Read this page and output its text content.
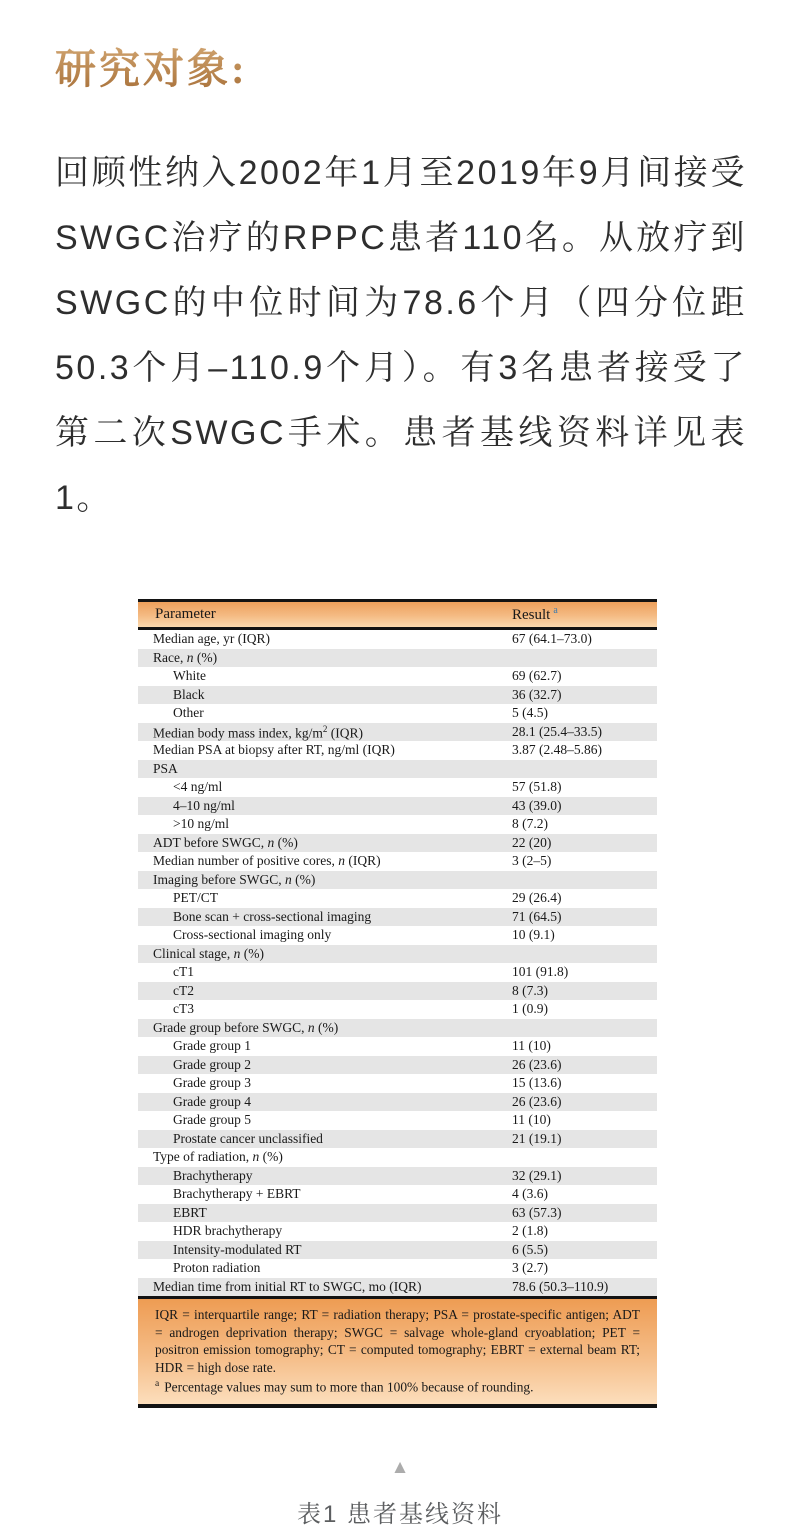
研究对象:

回顾性纳入2002年1月至2019年9月间接受SWGC治疗的RPPC患者110名。从放疗到SWGC的中位时间为78.6个月（四分位距50.3个月–110.9个月）。有3名患者接受了第二次SWGC手术。患者基线资料详见表1。

Parameter	Result $^a$
Median age, yr (IQR)	67 (64.1–73.0)
Race, n (%)
White	69 (62.7)
Black	36 (32.7)
Other	5 (4.5)
Median body mass index, $kg/m^2$ (IQR)	28.1 (25.4–33.5)
Median PSA at biopsy after RT, ng/ml (IQR)	3.87 (2.48–5.86)
PSA
<4 ng/ml	57 (51.8)
4–10 ng/ml	43 (39.0)
>10 ng/ml	8 (7.2)
ADT before SWGC, n (%)	22 (20)
Median number of positive cores, n (IQR)	3 (2–5)
Imaging before SWGC, n (%)
PET/CT	29 (26.4)
Bone scan + cross-sectional imaging	71 (64.5)
Cross-sectional imaging only	10 (9.1)
Clinical stage, n (%)
cT1	101 (91.8)
cT2	8 (7.3)
cT3	1 (0.9)
Grade group before SWGC, n (%)
Grade group 1	11 (10)
Grade group 2	26 (23.6)
Grade group 3	15 (13.6)
Grade group 4	26 (23.6)
Grade group 5	11 (10)
Prostate cancer unclassified	21 (19.1)
Type of radiation, n (%)
Brachytherapy	32 (29.1)
Brachytherapy + EBRT	4 (3.6)
EBRT	63 (57.3)
HDR brachytherapy	2 (1.8)
Intensity-modulated RT	6 (5.5)
Proton radiation	3 (2.7)
Median time from initial RT to SWGC, mo (IQR)	78.6 (50.3–110.9)
IQR = interquartile range; RT = radiation therapy; PSA = prostate-specific antigen; ADT = androgen deprivation therapy; SWGC = salvage whole-gland cryoablation; PET = positron emission tomography; CT = computed tomography; EBRT = external beam RT; HDR = high dose rate.
$^a$ Percentage values may sum to more than 100% because of rounding.
▲
表1 患者基线资料
